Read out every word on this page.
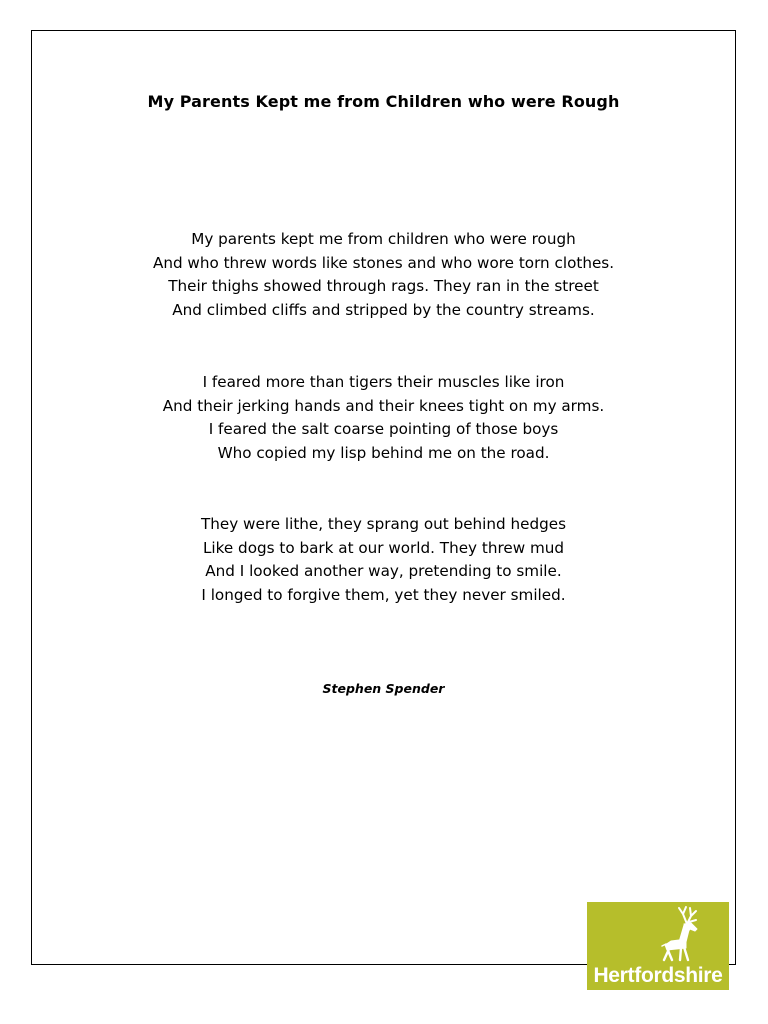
My Parents Kept me from Children who were Rough
My parents kept me from children who were rough
And who threw words like stones and who wore torn clothes.
Their thighs showed through rags. They ran in the street
And climbed cliffs and stripped by the country streams.
I feared more than tigers their muscles like iron
And their jerking hands and their knees tight on my arms.
I feared the salt coarse pointing of those boys
Who copied my lisp behind me on the road.
They were lithe, they sprang out behind hedges
Like dogs to bark at our world. They threw mud
And I looked another way, pretending to smile.
I longed to forgive them, yet they never smiled.
Stephen Spender
Hertfordshire
